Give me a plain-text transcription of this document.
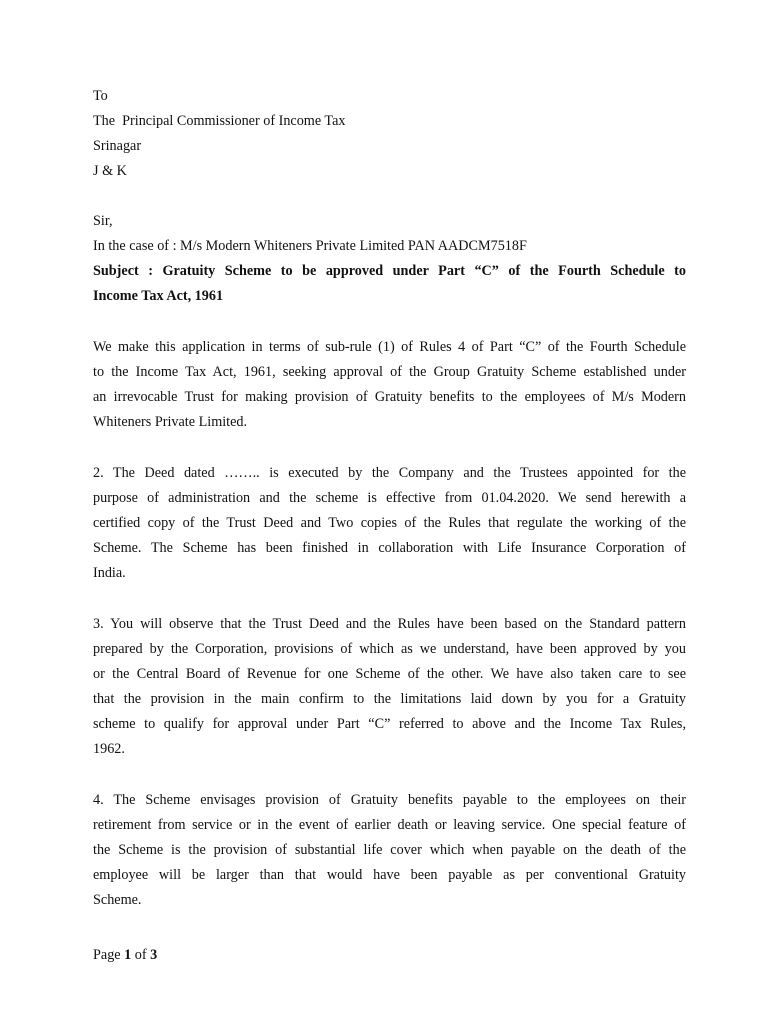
To
The  Principal Commissioner of Income Tax
Srinagar
J & K
Sir,
In the case of : M/s Modern Whiteners Private Limited PAN AADCM7518F
Subject : Gratuity Scheme to be approved under Part “C” of the Fourth Schedule to
Income Tax Act, 1961
We make this application in terms of sub-rule (1) of Rules 4 of Part “C” of the Fourth Schedule
to the Income Tax Act, 1961, seeking approval of the Group Gratuity Scheme established under
an irrevocable Trust for making provision of Gratuity benefits to the employees of M/s Modern
Whiteners Private Limited.
2. The Deed dated …….. is executed by the Company and the Trustees appointed for the
purpose of administration and the scheme is effective from 01.04.2020. We send herewith a
certified copy of the Trust Deed and Two copies of the Rules that regulate the working of the
Scheme. The Scheme has been finished in collaboration with Life Insurance Corporation of
India.
3. You will observe that the Trust Deed and the Rules have been based on the Standard pattern
prepared by the Corporation, provisions of which as we understand, have been approved by you
or the Central Board of Revenue for one Scheme of the other. We have also taken care to see
that the provision in the main confirm to the limitations laid down by you for a Gratuity
scheme to qualify for approval under Part “C” referred to above and the Income Tax Rules,
1962.
4. The Scheme envisages provision of Gratuity benefits payable to the employees on their
retirement from service or in the event of earlier death or leaving service. One special feature of
the Scheme is the provision of substantial life cover which when payable on the death of the
employee will be larger than that would have been payable as per conventional Gratuity
Scheme.
Page 1 of 3
